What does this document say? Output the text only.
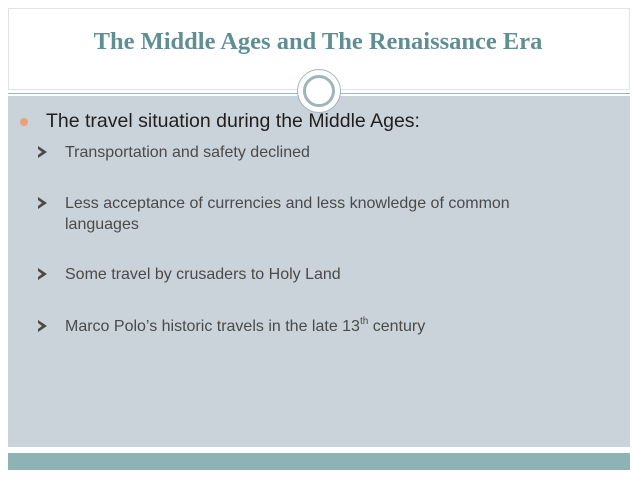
The Middle Ages and The Renaissance Era
The travel situation during the Middle Ages:
Transportation and safety declined
Less acceptance of currencies and less knowledge of common languages
Some travel by crusaders to Holy Land
Marco Polo’s historic travels in the late 13th century
